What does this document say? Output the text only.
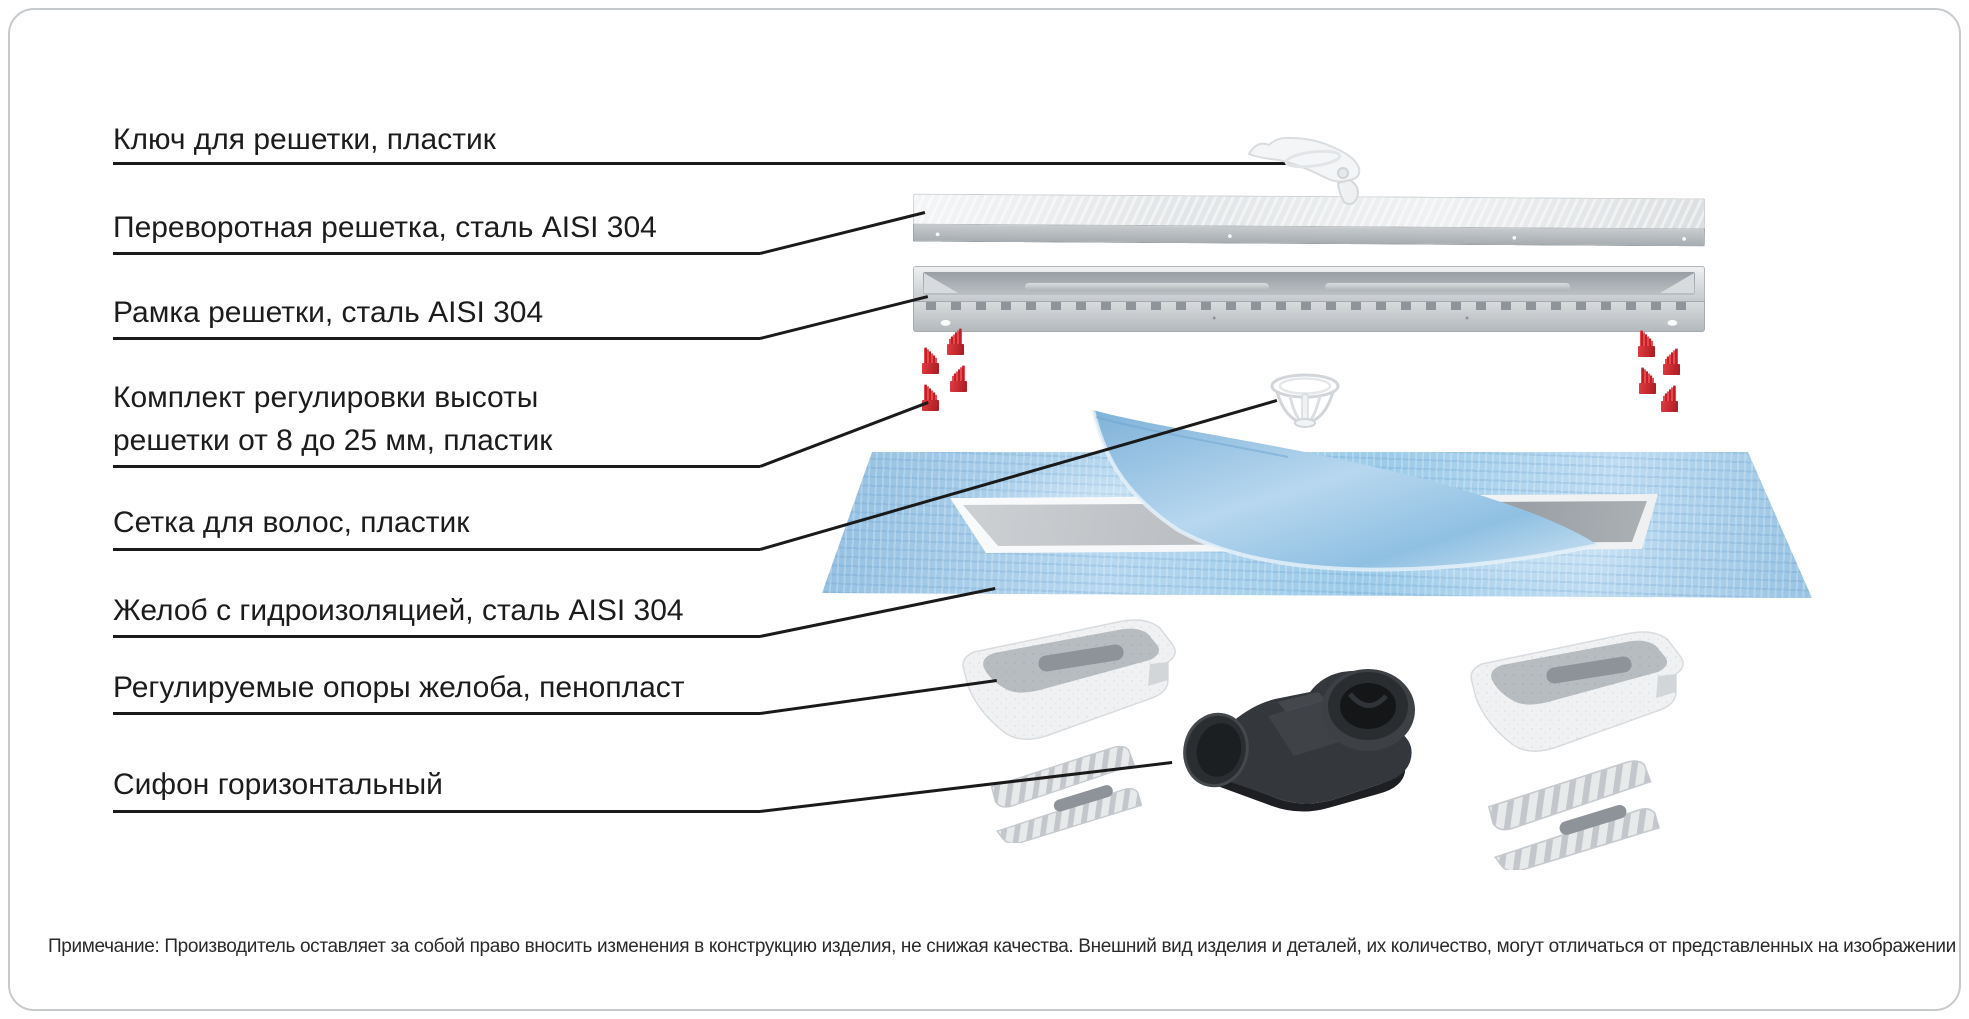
Ключ для решетки, пластик
Переворотная решетка, сталь AISI 304
Рамка решетки, сталь AISI 304
Комплект регулировки высоты
решетки от 8 до 25 мм, пластик
Сетка для волос, пластик
Желоб с гидроизоляцией, сталь AISI 304
Регулируемые опоры желоба, пенопласт
Сифон горизонтальный
Примечание: Производитель оставляет за собой право вносить изменения в конструкцию изделия, не снижая качества. Внешний вид изделия и деталей, их количество, могут отличаться от представленных на изображении
